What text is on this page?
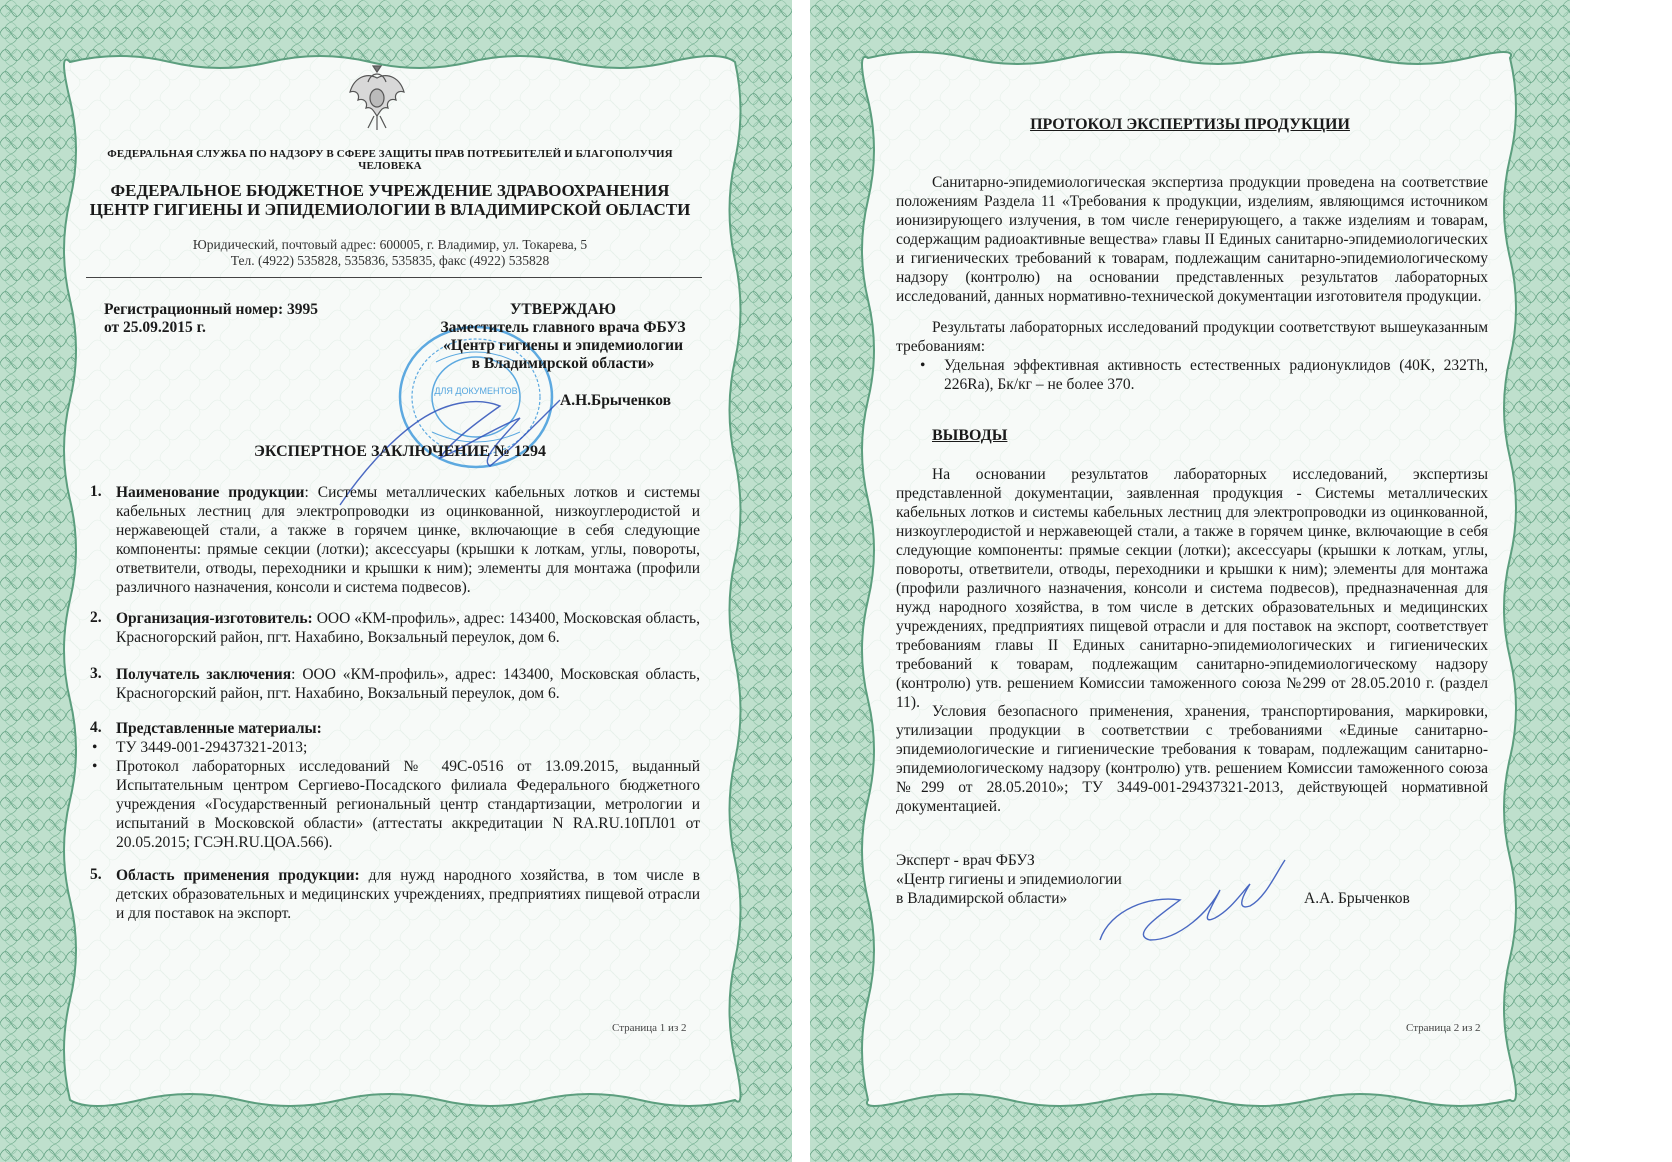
ФЕДЕРАЛЬНАЯ СЛУЖБА ПО НАДЗОРУ В СФЕРЕ ЗАЩИТЫ ПРАВ ПОТРЕБИТЕЛЕЙ И БЛАГОПОЛУЧИЯ ЧЕЛОВЕКА
ФЕДЕРАЛЬНОЕ БЮДЖЕТНОЕ УЧРЕЖДЕНИЕ ЗДРАВООХРАНЕНИЯ
ЦЕНТР ГИГИЕНЫ И ЭПИДЕМИОЛОГИИ В ВЛАДИМИРСКОЙ ОБЛАСТИ
Юридический, почтовый адрес: 600005, г. Владимир, ул. Токарева, 5
Тел. (4922) 535828, 535836, 535835, факс (4922) 535828
Регистрационный номер: 3995
от 25.09.2015 г.
ДЛЯ ДОКУМЕНТОВ
УТВЕРЖДАЮ
Заместитель главного врача ФБУЗ
«Центр гигиены и эпидемиологии
в Владимирской области»
А.Н.Брыченков
ЭКСПЕРТНОЕ ЗАКЛЮЧЕНИЕ № 1294
1. Наименование продукции: Системы металлических кабельных лотков и системы кабельных лестниц для электропроводки из оцинкованной, низкоуглеродистой и нержавеющей стали, а также в горячем цинке, включающие в себя следующие компоненты: прямые секции (лотки); аксессуары (крышки к лоткам, углы, повороты, ответвители, отводы, переходники и крышки к ним); элементы для монтажа (профили различного назначения, консоли и система подвесов).
2. Организация-изготовитель: ООО «КМ-профиль», адрес: 143400, Московская область, Красногорский район, пгт. Нахабино, Вокзальный переулок, дом 6.
3. Получатель заключения: ООО «КМ-профиль», адрес: 143400, Московская область, Красногорский район, пгт. Нахабино, Вокзальный переулок, дом 6.
4. Представленные материалы:
• ТУ 3449-001-29437321-2013;
• Протокол лабораторных исследований № 49С-0516 от 13.09.2015, выданный Испытательным центром Сергиево-Посадского филиала Федерального бюджетного учреждения «Государственный региональный центр стандартизации, метрологии и испытаний в Московской области» (аттестаты аккредитации N RA.RU.10ПЛ01 от 20.05.2015; ГСЭН.RU.ЦОА.566).
5. Область применения продукции: для нужд народного хозяйства, в том числе в детских образовательных и медицинских учреждениях, предприятиях пищевой отрасли и для поставок на экспорт.
Страница 1 из 2
ПРОТОКОЛ ЭКСПЕРТИЗЫ ПРОДУКЦИИ
Санитарно-эпидемиологическая экспертиза продукции проведена на соответствие положениям Раздела 11 «Требования к продукции, изделиям, являющимся источником ионизирующего излучения, в том числе генерирующего, а также изделиям и товарам, содержащим радиоактивные вещества» главы II Единых санитарно-эпидемиологических и гигиенических требований к товарам, подлежащим санитарно-эпидемиологическому надзору (контролю) на основании представленных результатов лабораторных исследований, данных нормативно-технической документации изготовителя продукции.
Результаты лабораторных исследований продукции соответствуют вышеуказанным требованиям:
• Удельная эффективная активность естественных радионуклидов (40K, 232Th, 226Ra), Бк/кг – не более 370.
ВЫВОДЫ
На основании результатов лабораторных исследований, экспертизы представленной документации, заявленная продукция - Системы металлических кабельных лотков и системы кабельных лестниц для электропроводки из оцинкованной, низкоуглеродистой и нержавеющей стали, а также в горячем цинке, включающие в себя следующие компоненты: прямые секции (лотки); аксессуары (крышки к лоткам, углы, повороты, ответвители, отводы, переходники и крышки к ним); элементы для монтажа (профили различного назначения, консоли и система подвесов), предназначенная для нужд народного хозяйства, в том числе в детских образовательных и медицинских учреждениях, предприятиях пищевой отрасли и для поставок на экспорт, соответствует требованиям главы II Единых санитарно-эпидемиологических и гигиенических требований к товарам, подлежащим санитарно-эпидемиологическому надзору (контролю) утв. решением Комиссии таможенного союза №299 от 28.05.2010 г. (раздел 11).
Условия безопасного применения, хранения, транспортирования, маркировки, утилизации продукции в соответствии с требованиями «Единые санитарно-эпидемиологические и гигиенические требования к товарам, подлежащим санитарно-эпидемиологическому надзору (контролю) утв. решением Комиссии таможенного союза №299 от 28.05.2010»; ТУ 3449-001-29437321-2013, действующей нормативной документацией.
Эксперт - врач ФБУЗ
«Центр гигиены и эпидемиологии
в Владимирской области»	А.А. Брыченков
Страница 2 из 2
